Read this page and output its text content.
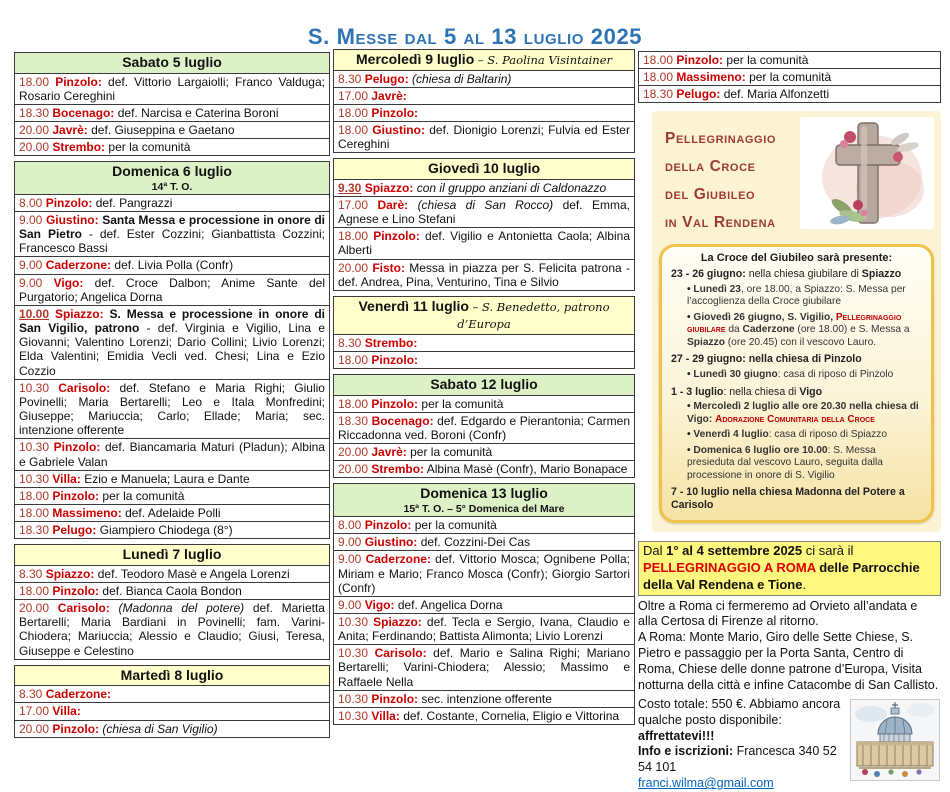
S. Messe dal 5 al 13 luglio 2025
Sabato 5 luglio
18.00 Pinzolo: def. Vittorio Largaiolli; Franco Valduga; Rosario Cereghini
18.30 Bocenago: def. Narcisa e Caterina Boroni
20.00 Javrè: def. Giuseppina e Gaetano
20.00 Strembo: per la comunità
Domenica 6 luglio
14ª T. O.
8.00 Pinzolo: def. Pangrazzi
9.00 Giustino: Santa Messa e processione in onore di San Pietro - def. Ester Cozzini; Gianbattista Cozzini; Francesco Bassi
9.00 Caderzone: def. Livia Polla (Confr)
9.00 Vigo: def. Croce Dalbon; Anime Sante del Purgatorio; Angelica Dorna
10.00 Spiazzo: S. Messa e processione in onore di San Vigilio, patrono - def. Virginia e Vigilio, Lina e Giovanni; Valentino Lorenzi; Dario Collini; Livio Lorenzi; Elda Valentini; Emidia Vecli ved. Chesi; Lina e Ezio Cozzio
10.30 Carisolo: def. Stefano e Maria Righi; Giulio Povinelli; Maria Bertarelli; Leo e Itala Monfredini; Giuseppe; Mariuccia; Carlo; Ellade; Maria; sec. intenzione offerente
10.30 Pinzolo: def. Biancamaria Maturi (Pladun); Albina e Gabriele Valan
10.30 Villa: Ezio e Manuela; Laura e Dante
18.00 Pinzolo: per la comunità
18.00 Massimeno: def. Adelaide Polli
18.30 Pelugo: Giampiero Chiodega (8°)
Lunedì 7 luglio
8.30 Spiazzo: def. Teodoro Masè e Angela Lorenzi
18.00 Pinzolo: def. Bianca Caola Bondon
20.00 Carisolo: (Madonna del potere) def. Marietta Bertarelli; Maria Bardiani in Povinelli; fam. Varini-Chiodera; Mariuccia; Alessio e Claudio; Giusi, Teresa, Giuseppe e Celestino
Martedì 8 luglio
8.30 Caderzone:
17.00 Villa:
20.00 Pinzolo: (chiesa di San Vigilio)
Mercoledì 9 luglio – S. Paolina Visintainer
8.30 Pelugo: (chiesa di Baltarin)
17.00 Javrè:
18.00 Pinzolo:
18.00 Giustino: def. Dionigio Lorenzi; Fulvia ed Ester Cereghini
Giovedì 10 luglio
9.30 Spiazzo: con il gruppo anziani di Caldonazzo
17.00 Darè: (chiesa di San Rocco) def. Emma, Agnese e Lino Stefani
18.00 Pinzolo: def. Vigilio e Antonietta Caola; Albina Alberti
20.00 Fisto: Messa in piazza per S. Felicita patrona - def. Andrea, Pina, Venturino, Tina e Silvio
Venerdì 11 luglio – S. Benedetto, patrono d’Europa
8.30 Strembo:
18.00 Pinzolo:
Sabato 12 luglio
18.00 Pinzolo: per la comunità
18.30 Bocenago: def. Edgardo e Pierantonia; Carmen Riccadonna ved. Boroni (Confr)
20.00 Javrè: per la comunità
20.00 Strembo: Albina Masè (Confr), Mario Bonapace
Domenica 13 luglio
15ª T. O. – 5° Domenica del Mare
8.00 Pinzolo: per la comunità
9.00 Giustino: def. Cozzini-Dei Cas
9.00 Caderzone: def. Vittorio Mosca; Ognibene Polla; Miriam e Mario; Franco Mosca (Confr); Giorgio Sartori (Confr)
9.00 Vigo: def. Angelica Dorna
10.30 Spiazzo: def. Tecla e Sergio, Ivana, Claudio e Anita; Ferdinando; Battista Alimonta; Livio Lorenzi
10.30 Carisolo: def. Mario e Salina Righi; Mariano Bertarelli; Varini-Chiodera; Alessio; Massimo e Raffaele Nella
10.30 Pinzolo: sec. intenzione offerente
10.30 Villa: def. Costante, Cornelia, Eligio e Vittorina
18.00 Pinzolo: per la comunità
18.00 Massimeno: per la comunità
18.30 Pelugo: def. Maria Alfonzetti
Pellegrinaggio
della Croce
del Giubileo
in Val Rendena
La Croce del Giubileo sarà presente:
23 - 26 giugno: nella chiesa giubilare di Spiazzo
• Lunedì 23, ore 18.00, a Spiazzo: S. Messa per l’accoglienza della Croce giubilare
• Giovedì 26 giugno, S. Vigilio, Pellegrinaggio giubilare da Caderzone (ore 18.00) e S. Messa a Spiazzo (ore 20.45) con il vescovo Lauro.
27 - 29 giugno: nella chiesa di Pinzolo
• Lunedì 30 giugno: casa di riposo di Pinzolo
1 - 3 luglio: nella chiesa di Vigo
• Mercoledì 2 luglio alle ore 20.30 nella chiesa di Vigo: Adorazione Comunitaria della Croce
• Venerdì 4 luglio: casa di riposo di Spiazzo
• Domenica 6 luglio ore 10.00: S. Messa presieduta dal vescovo Lauro, seguita dalla processione in onore di S. Vigilio
7 - 10 luglio nella chiesa Madonna del Potere a Carisolo
Dal 1° al 4 settembre 2025 ci sarà il PELLEGRINAGGIO A ROMA delle Parrocchie della Val Rendena e Tione.

Oltre a Roma ci fermeremo ad Orvieto all’andata e alla Certosa di Firenze al ritorno.

A Roma: Monte Mario, Giro delle Sette Chiese, S. Pietro e passaggio per la Porta Santa, Centro di Roma, Chiese delle donne patrone d’Europa, Visita notturna della città e infine Catacombe di San Callisto.

Costo totale: 550 €. Abbiamo ancora qualche posto disponibile: affrettatevi!!!

Info e iscrizioni: Francesca 340 52 54 101

franci.wilma@gmail.com
